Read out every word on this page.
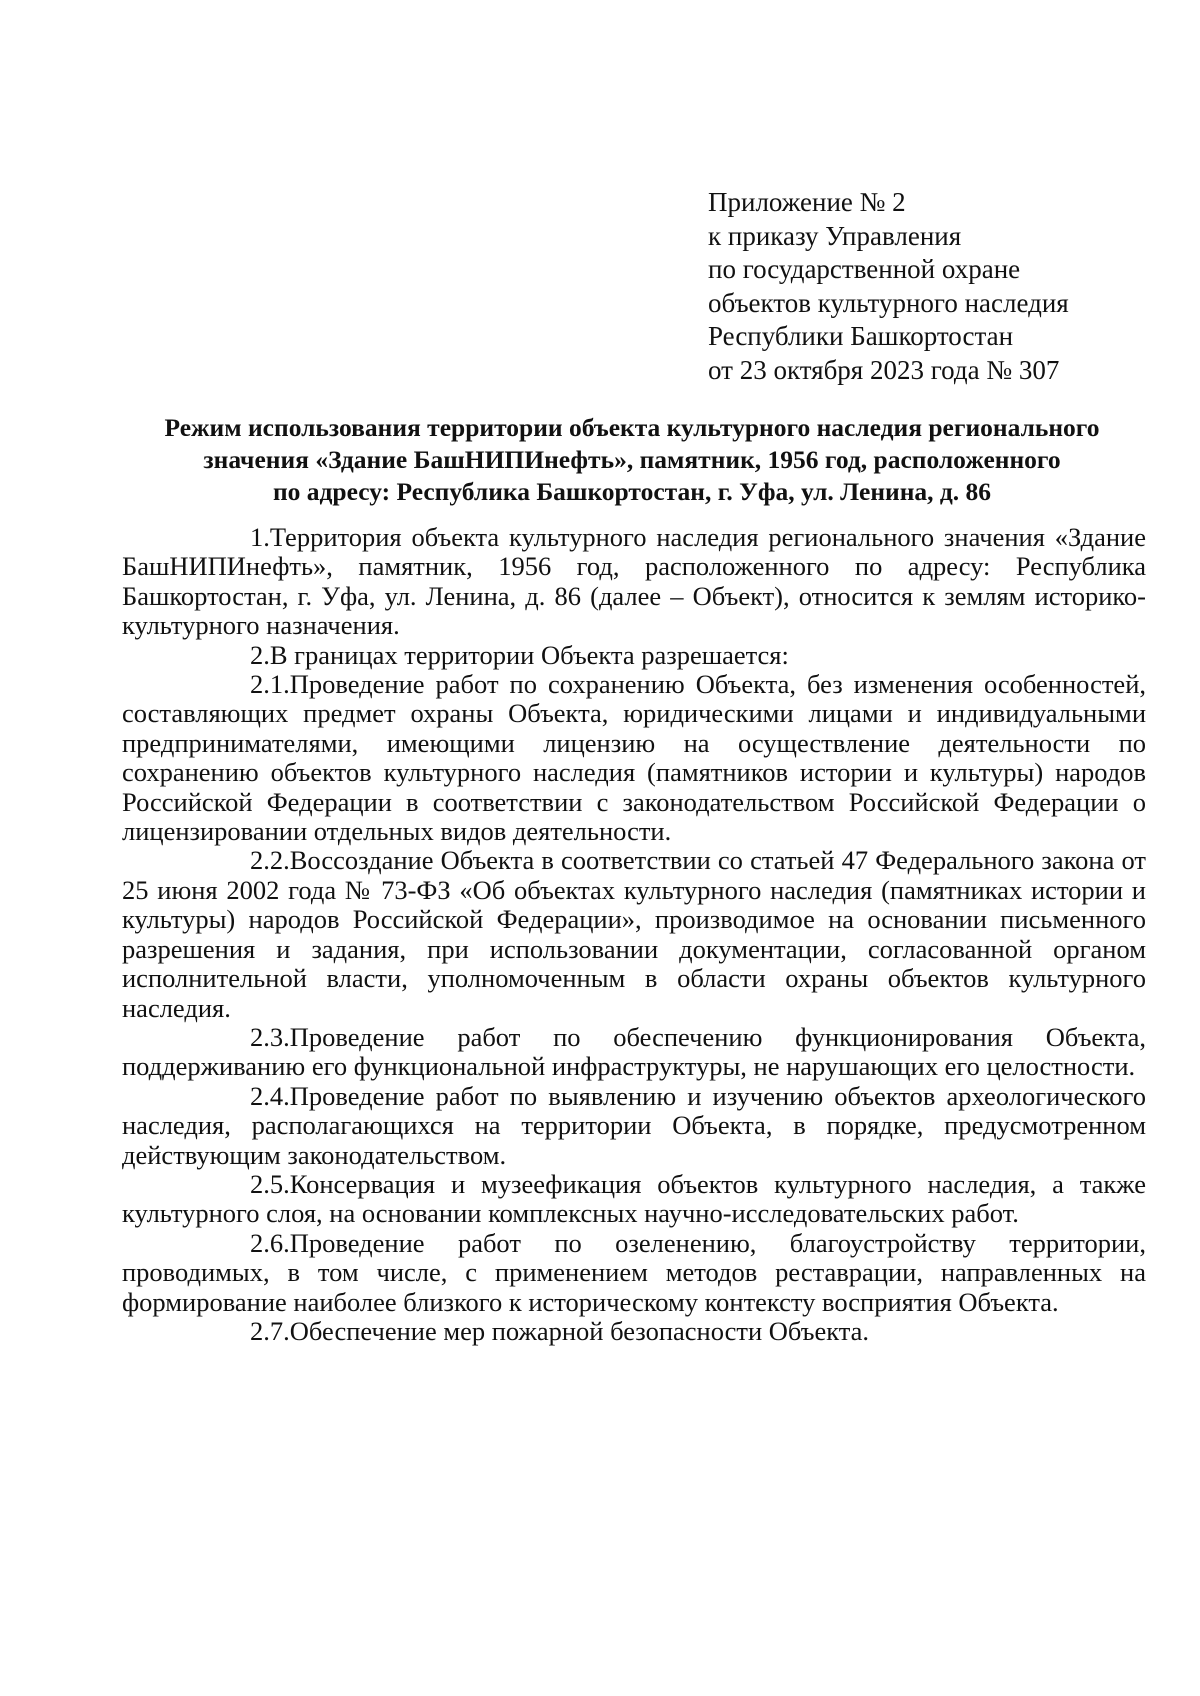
Приложение № 2
к приказу Управления
по государственной охране
объектов культурного наследия
Республики Башкортостан
от 23 октября 2023 года № 307
Режим использования территории объекта культурного наследия регионального
значения «Здание БашНИПИнефть», памятник, 1956 год, расположенного
по адресу: Республика Башкортостан, г. Уфа, ул. Ленина, д. 86

1.Территория объекта культурного наследия регионального значения «Здание БашНИПИнефть», памятник, 1956 год, расположенного по адресу: Республика Башкортостан, г. Уфа, ул. Ленина, д. 86 (далее – Объект), относится к землям историко-культурного назначения.

2.В границах территории Объекта разрешается:

2.1.Проведение работ по сохранению Объекта, без изменения особенностей, составляющих предмет охраны Объекта, юридическими лицами и индивидуальными предпринимателями, имеющими лицензию на осуществление деятельности по сохранению объектов культурного наследия (памятников истории и культуры) народов Российской Федерации в соответствии с законодательством Российской Федерации о лицензировании отдельных видов деятельности.

2.2.Воссоздание Объекта в соответствии со статьей 47 Федерального закона от 25 июня 2002 года № 73-ФЗ «Об объектах культурного наследия (памятниках истории и культуры) народов Российской Федерации», производимое на основании письменного разрешения и задания, при использовании документации, согласованной органом исполнительной власти, уполномоченным в области охраны объектов культурного наследия.

2.3.Проведение работ по обеспечению функционирования Объекта, поддерживанию его функциональной инфраструктуры, не нарушающих его целостности.

2.4.Проведение работ по выявлению и изучению объектов археологического наследия, располагающихся на территории Объекта, в порядке, предусмотренном действующим законодательством.

2.5.Консервация и музеефикация объектов культурного наследия, а также культурного слоя, на основании комплексных научно-исследовательских работ.

2.6.Проведение работ по озеленению, благоустройству территории, проводимых, в том числе, с применением методов реставрации, направленных на формирование наиболее близкого к историческому контексту восприятия Объекта.

2.7.Обеспечение мер пожарной безопасности Объекта.
